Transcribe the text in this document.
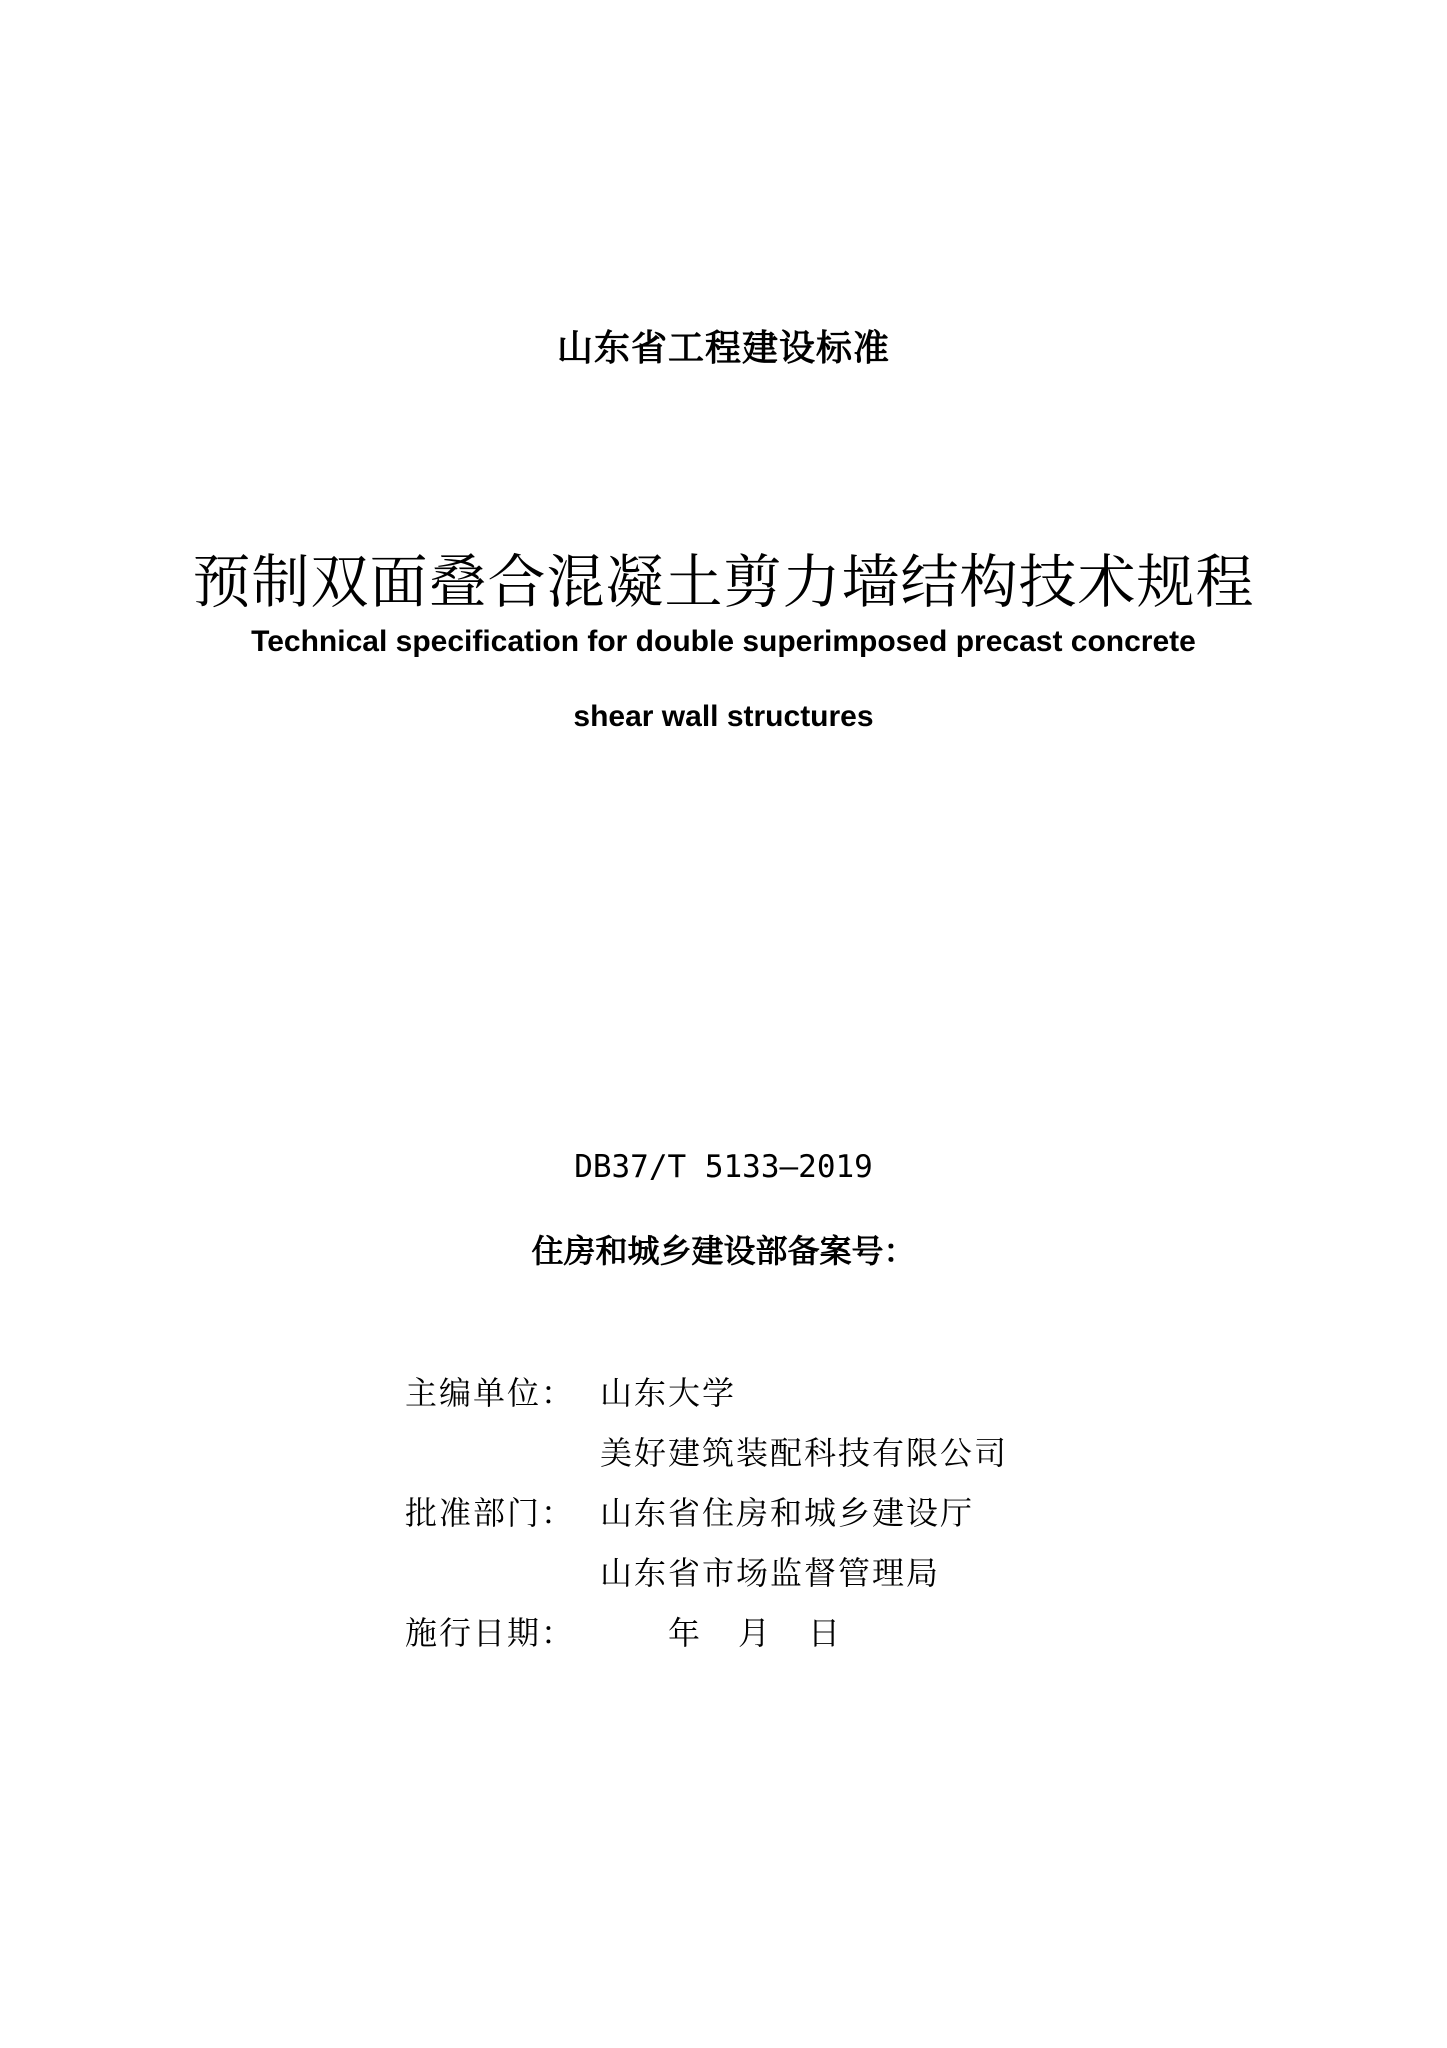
山东省工程建设标准
预制双面叠合混凝土剪力墙结构技术规程
Technical specification for double superimposed precast concrete
shear wall structures
DB37/T 5133—2019
住房和城乡建设部备案号：
主编单位： 山东大学
美好建筑装配科技有限公司
批准部门： 山东省住房和城乡建设厅
山东省市场监督管理局
施行日期：	年 月 日
